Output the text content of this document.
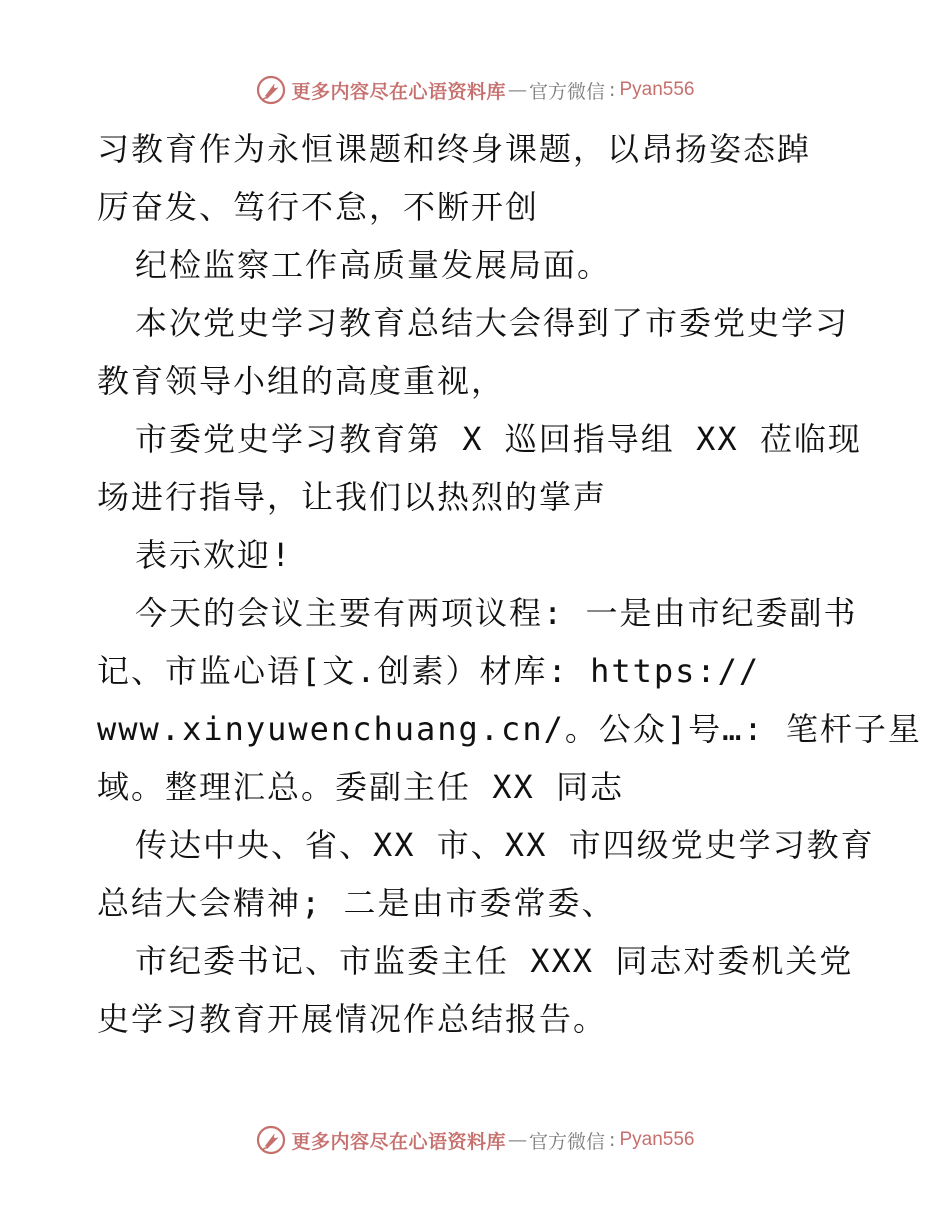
更多内容尽在心语资料库 — 官方微信 : Pyan556
习教育作为永恒课题和终身课题，以昂扬姿态踔
厉奋发、笃行不怠，不断开创
纪检监察工作高质量发展局面。
本次党史学习教育总结大会得到了市委党史学习
教育领导小组的高度重视，
市委党史学习教育第 X 巡回指导组 XX 莅临现
场进行指导，让我们以热烈的掌声
表示欢迎!
今天的会议主要有两项议程: 一是由市纪委副书
记、市监心语[文.创素）材库: https://
www.xinyuwenchuang.cn/。公众]号…: 笔杆子星
域。整理汇总。委副主任 XX 同志
传达中央、省、XX 市、XX 市四级党史学习教育
总结大会精神; 二是由市委常委、
市纪委书记、市监委主任 XXX 同志对委机关党
史学习教育开展情况作总结报告。
更多内容尽在心语资料库 — 官方微信 : Pyan556
